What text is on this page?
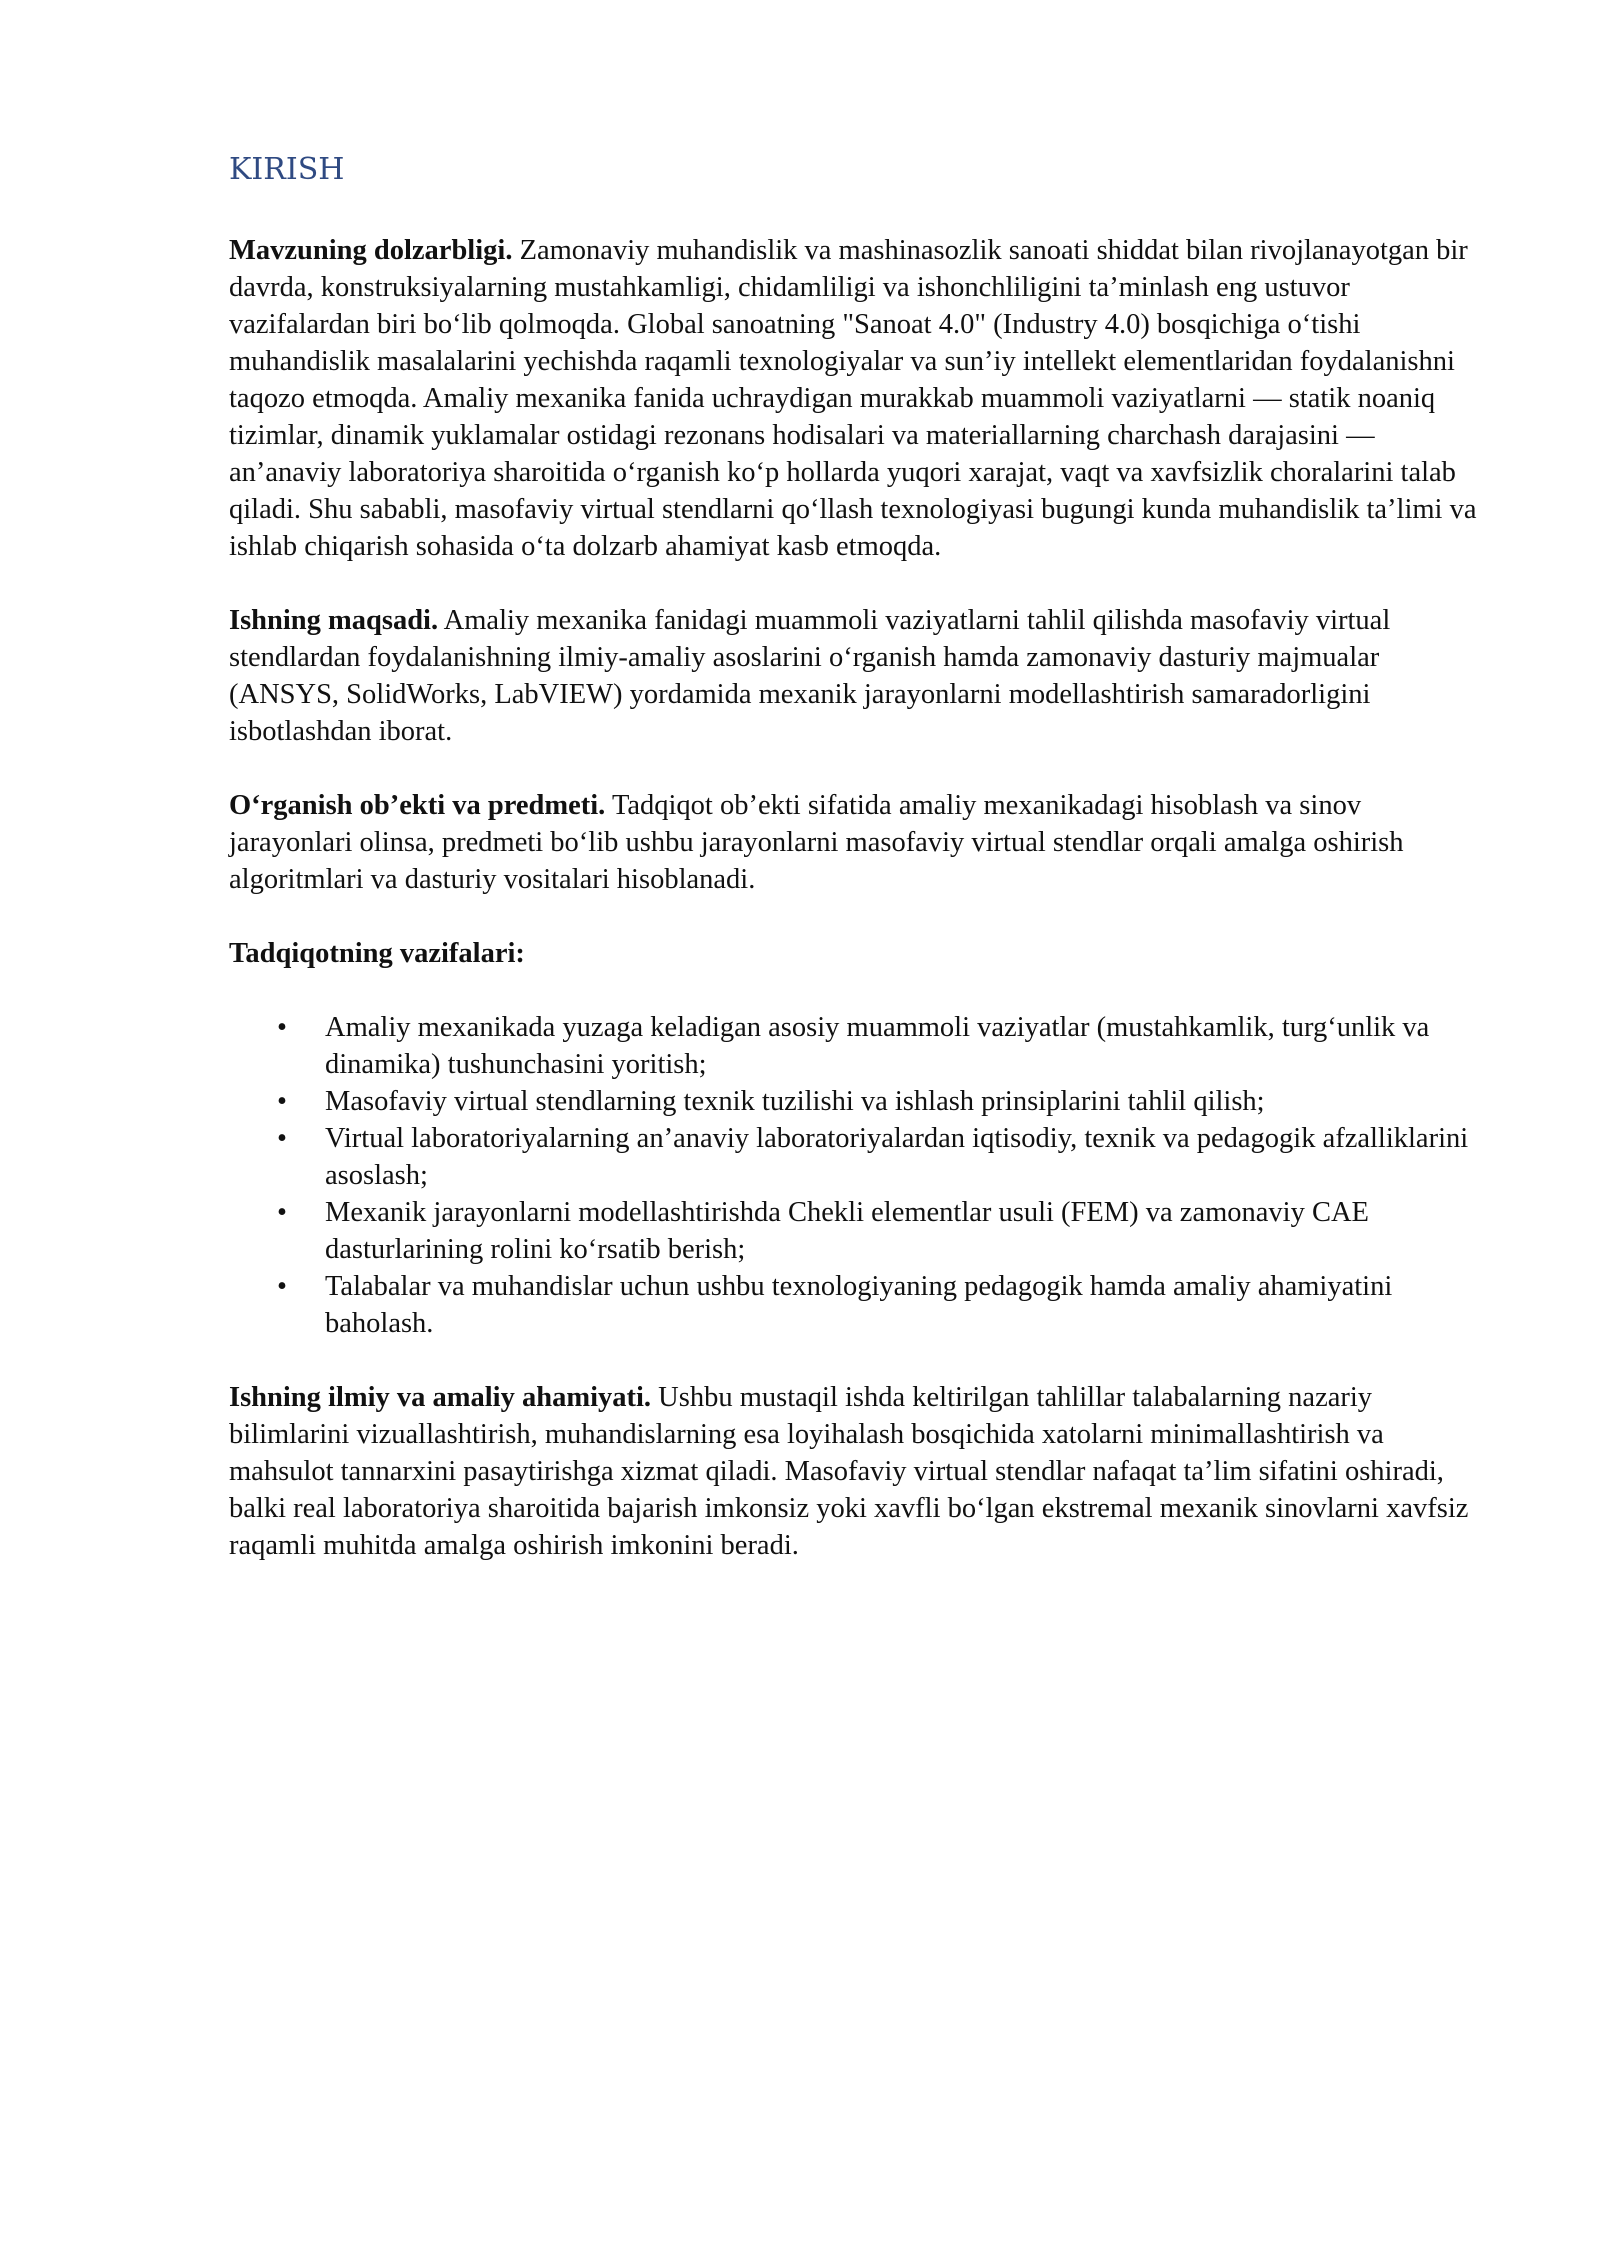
KIRISH

Mavzuning dolzarbligi. Zamonaviy muhandislik va mashinasozlik sanoati shiddat bilan rivojlanayotgan bir davrda, konstruksiyalarning mustahkamligi, chidamliligi va ishonchliligini ta’minlash eng ustuvor vazifalardan biri bo‘lib qolmoqda. Global sanoatning "Sanoat 4.0" (Industry 4.0) bosqichiga o‘tishi muhandislik masalalarini yechishda raqamli texnologiyalar va sun’iy intellekt elementlaridan foydalanishni taqozo etmoqda. Amaliy mexanika fanida uchraydigan murakkab muammoli vaziyatlarni — statik noaniq tizimlar, dinamik yuklamalar ostidagi rezonans hodisalari va materiallarning charchash darajasini — an’anaviy laboratoriya sharoitida o‘rganish ko‘p hollarda yuqori xarajat, vaqt va xavfsizlik choralarini talab qiladi. Shu sababli, masofaviy virtual stendlarni qo‘llash texnologiyasi bugungi kunda muhandislik ta’limi va ishlab chiqarish sohasida o‘ta dolzarb ahamiyat kasb etmoqda.

Ishning maqsadi. Amaliy mexanika fanidagi muammoli vaziyatlarni tahlil qilishda masofaviy virtual stendlardan foydalanishning ilmiy-amaliy asoslarini o‘rganish hamda zamonaviy dasturiy majmualar (ANSYS, SolidWorks, LabVIEW) yordamida mexanik jarayonlarni modellashtirish samaradorligini isbotlashdan iborat.

O‘rganish ob’ekti va predmeti. Tadqiqot ob’ekti sifatida amaliy mexanikadagi hisoblash va sinov jarayonlari olinsa, predmeti bo‘lib ushbu jarayonlarni masofaviy virtual stendlar orqali amalga oshirish algoritmlari va dasturiy vositalari hisoblanadi.

Tadqiqotning vazifalari:

• Amaliy mexanikada yuzaga keladigan asosiy muammoli vaziyatlar (mustahkamlik, turg‘unlik va dinamika) tushunchasini yoritish;
• Masofaviy virtual stendlarning texnik tuzilishi va ishlash prinsiplarini tahlil qilish;
• Virtual laboratoriyalarning an’anaviy laboratoriyalardan iqtisodiy, texnik va pedagogik afzalliklarini asoslash;
• Mexanik jarayonlarni modellashtirishda Chekli elementlar usuli (FEM) va zamonaviy CAE dasturlarining rolini ko‘rsatib berish;
• Talabalar va muhandislar uchun ushbu texnologiyaning pedagogik hamda amaliy ahamiyatini baholash.

Ishning ilmiy va amaliy ahamiyati. Ushbu mustaqil ishda keltirilgan tahlillar talabalarning nazariy bilimlarini vizuallashtirish, muhandislarning esa loyihalash bosqichida xatolarni minimallashtirish va mahsulot tannarxini pasaytirishga xizmat qiladi. Masofaviy virtual stendlar nafaqat ta’lim sifatini oshiradi, balki real laboratoriya sharoitida bajarish imkonsiz yoki xavfli bo‘lgan ekstremal mexanik sinovlarni xavfsiz raqamli muhitda amalga oshirish imkonini beradi.
